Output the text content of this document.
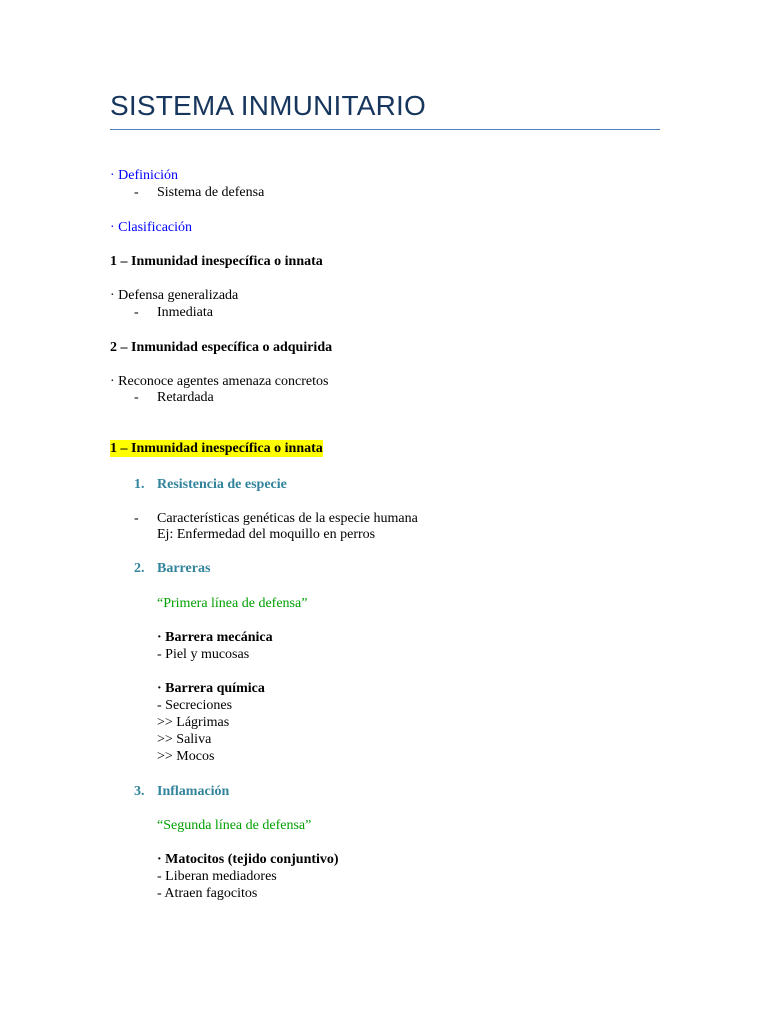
SISTEMA INMUNITARIO
· Definición
- Sistema de defensa
· Clasificación
1 – Inmunidad inespecífica o innata
· Defensa generalizada
- Inmediata
2 – Inmunidad específica o adquirida
· Reconoce agentes amenaza concretos
- Retardada
1 – Inmunidad inespecífica o innata
1. Resistencia de especie
- Características genéticas de la especie humana
Ej: Enfermedad del moquillo en perros
2. Barreras
“Primera línea de defensa”
· Barrera mecánica
- Piel y mucosas
· Barrera química
- Secreciones
>> Lágrimas
>> Saliva
>> Mocos
3. Inflamación
“Segunda línea de defensa”
· Matocitos (tejido conjuntivo)
- Liberan mediadores
- Atraen fagocitos
